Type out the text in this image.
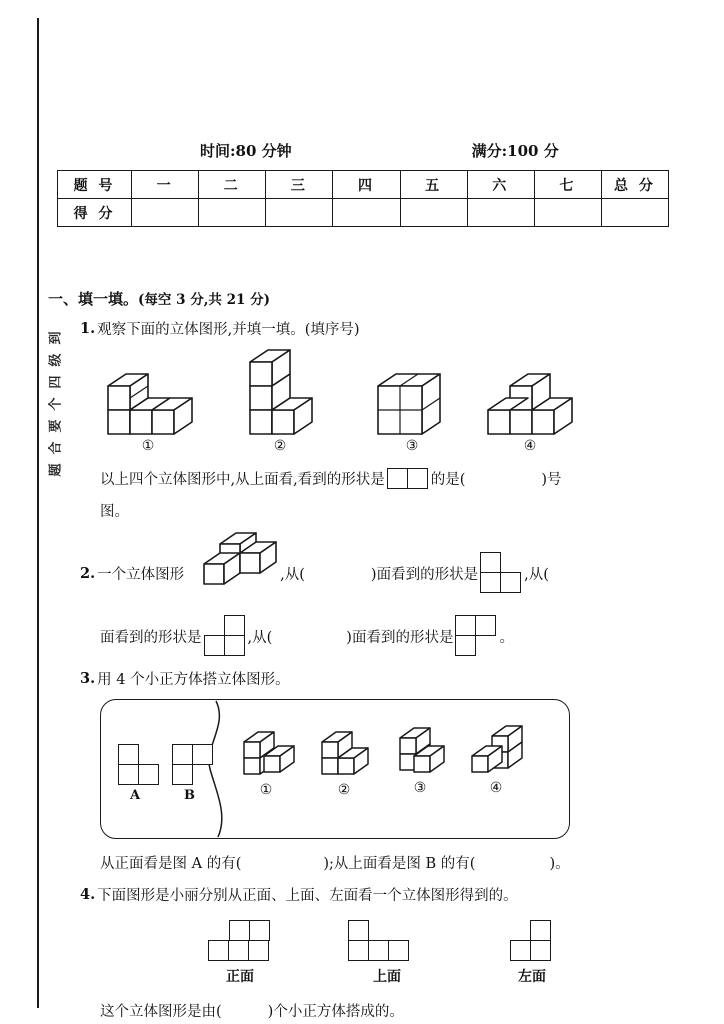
题合要个四级到
时间:80 分钟	满分:100 分
题 号	一	二	三	四	五	六	七	总 分
得 分								
一、填一填。(每空 3 分,共 21 分)
1. 观察下面的立体图形,并填一填。(填序号)
①	②	③	④
以上四个立体图形中,从上面看,看到的形状是	的是(	)号
图。
2. 一个立体图形	,从(	)面看到的形状是	,从(
面看到的形状是	,从(	)面看到的形状是	。
3. 用 4 个小正方体搭立体图形。
A	B	①	②	③	④
从正面看是图 A 的有(	);从上面看是图 B 的有(	)。
4. 下面图形是小丽分别从正面、上面、左面看一个立体图形得到的。
正面	上面	左面
这个立体图形是由(	)个小正方体搭成的。
